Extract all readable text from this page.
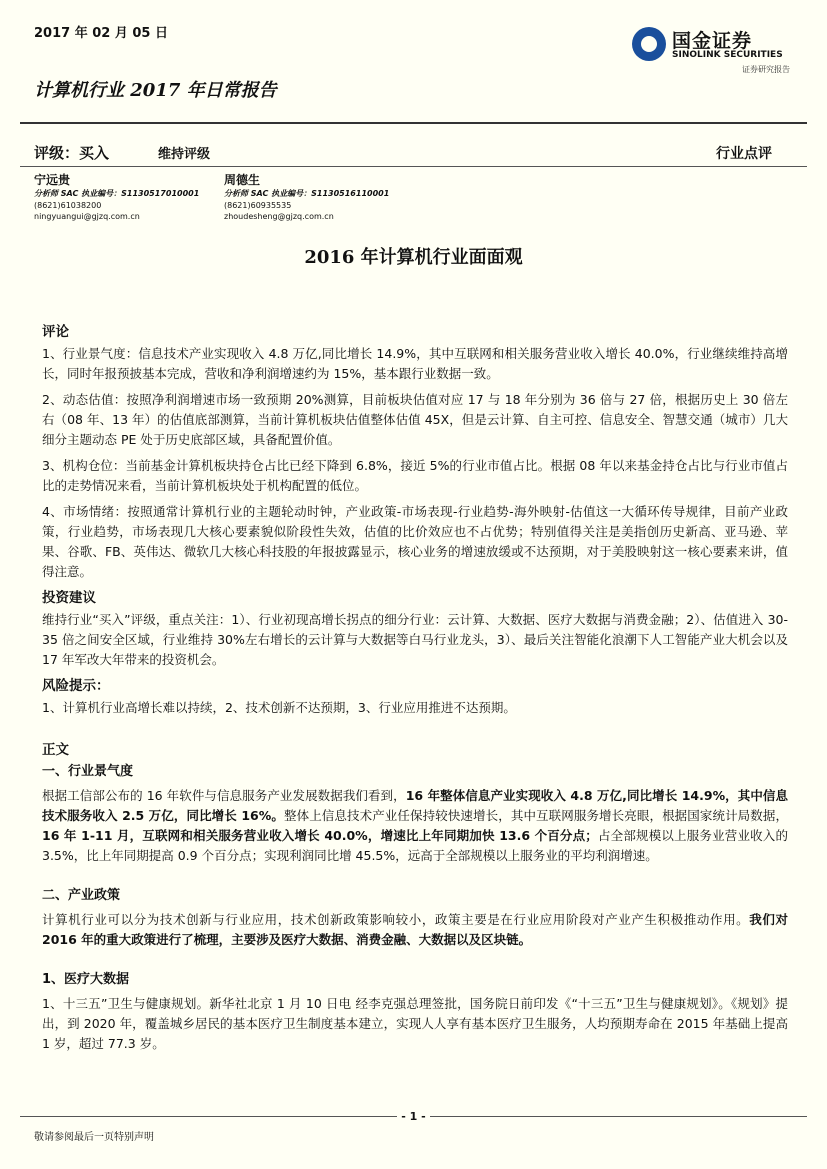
2017 年 02 月 05 日	国金证券
SINOLINK SECURITIES
证券研究报告
计算机行业 2017 年日常报告
评级：买入	维持评级	行业点评
宁远贵
分析师 SAC 执业编号：S1130517010001
(8621)61038200
ningyuangui@gjzq.com.cn
周德生
分析师 SAC 执业编号：S1130516110001
(8621)60935535
zhoudesheng@gjzq.com.cn
2016 年计算机行业面面观
评论

1、行业景气度：信息技术产业实现收入 4.8 万亿,同比增长 14.9%，其中互联网和相关服务营业收入增长 40.0%，行业继续维持高增长，同时年报预披基本完成，营收和净利润增速约为 15%，基本跟行业数据一致。

2、动态估值：按照净利润增速市场一致预期 20%测算，目前板块估值对应 17 与 18 年分别为 36 倍与 27 倍，根据历史上 30 倍左右（08 年、13 年）的估值底部测算，当前计算机板块估值整体估值 45X，但是云计算、自主可控、信息安全、智慧交通（城市）几大细分主题动态 PE 处于历史底部区域，具备配置价值。

3、机构仓位：当前基金计算机板块持仓占比已经下降到 6.8%，接近 5%的行业市值占比。根据 08 年以来基金持仓占比与行业市值占比的走势情况来看，当前计算机板块处于机构配置的低位。

4、市场情绪：按照通常计算机行业的主题轮动时钟，产业政策-市场表现-行业趋势-海外映射-估值这一大循环传导规律，目前产业政策，行业趋势，市场表现几大核心要素貌似阶段性失效，估值的比价效应也不占优势；特别值得关注是美指创历史新高、亚马逊、苹果、谷歌、FB、英伟达、微软几大核心科技股的年报披露显示，核心业务的增速放缓或不达预期，对于美股映射这一核心要素来讲，值得注意。

投资建议

维持行业“买入”评级，重点关注：1）、行业初现高增长拐点的细分行业：云计算、大数据、医疗大数据与消费金融；2）、估值进入 30-35 倍之间安全区域，行业维持 30%左右增长的云计算与大数据等白马行业龙头，3）、最后关注智能化浪潮下人工智能产业大机会以及 17 年军改大年带来的投资机会。

风险提示：

1、计算机行业高增长难以持续，2、技术创新不达预期，3、行业应用推进不达预期。

正文
一、行业景气度

根据工信部公布的 16 年软件与信息服务产业发展数据我们看到，16 年整体信息产业实现收入 4.8 万亿,同比增长 14.9%，其中信息技术服务收入 2.5 万亿，同比增长 16%。整体上信息技术产业任保持较快速增长，其中互联网服务增长亮眼，根据国家统计局数据，16 年 1-11 月，互联网和相关服务营业收入增长 40.0%，增速比上年同期加快 13.6 个百分点；占全部规模以上服务业营业收入的 3.5%，比上年同期提高 0.9 个百分点；实现利润同比增 45.5%，远高于全部规模以上服务业的平均利润增速。

二、产业政策

计算机行业可以分为技术创新与行业应用，技术创新政策影响较小，政策主要是在行业应用阶段对产业产生积极推动作用。我们对 2016 年的重大政策进行了梳理，主要涉及医疗大数据、消费金融、大数据以及区块链。

1、医疗大数据

1、十三五”卫生与健康规划。新华社北京 1 月 10 日电 经李克强总理签批，国务院日前印发《“十三五”卫生与健康规划》。《规划》提出，到 2020 年，覆盖城乡居民的基本医疗卫生制度基本建立，实现人人享有基本医疗卫生服务，人均预期寿命在 2015 年基础上提高 1 岁，超过 77.3 岁。

- 1 -
敬请参阅最后一页特别声明
